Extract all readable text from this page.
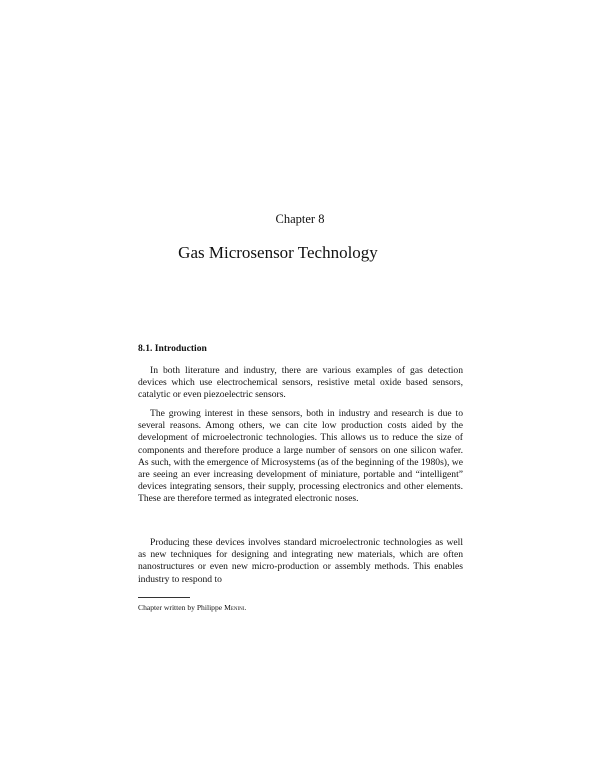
Chapter 8
Gas Microsensor Technology
8.1. Introduction

In both literature and industry, there are various examples of gas detection devices which use electrochemical sensors, resistive metal oxide based sensors, catalytic or even piezoelectric sensors.

The growing interest in these sensors, both in industry and research is due to several reasons. Among others, we can cite low production costs aided by the development of microelectronic technologies. This allows us to reduce the size of components and therefore produce a large number of sensors on one silicon wafer. As such, with the emergence of Microsystems (as of the beginning of the 1980s), we are seeing an ever increasing development of miniature, portable and “intelligent” devices integrating sensors, their supply, processing electronics and other elements. These are therefore termed as integrated electronic noses.

Producing these devices involves standard microelectronic technologies as well as new techniques for designing and integrating new materials, which are often nanostructures or even new micro-production or assembly methods. This enables industry to respond to

Chapter written by Philippe Menini.
